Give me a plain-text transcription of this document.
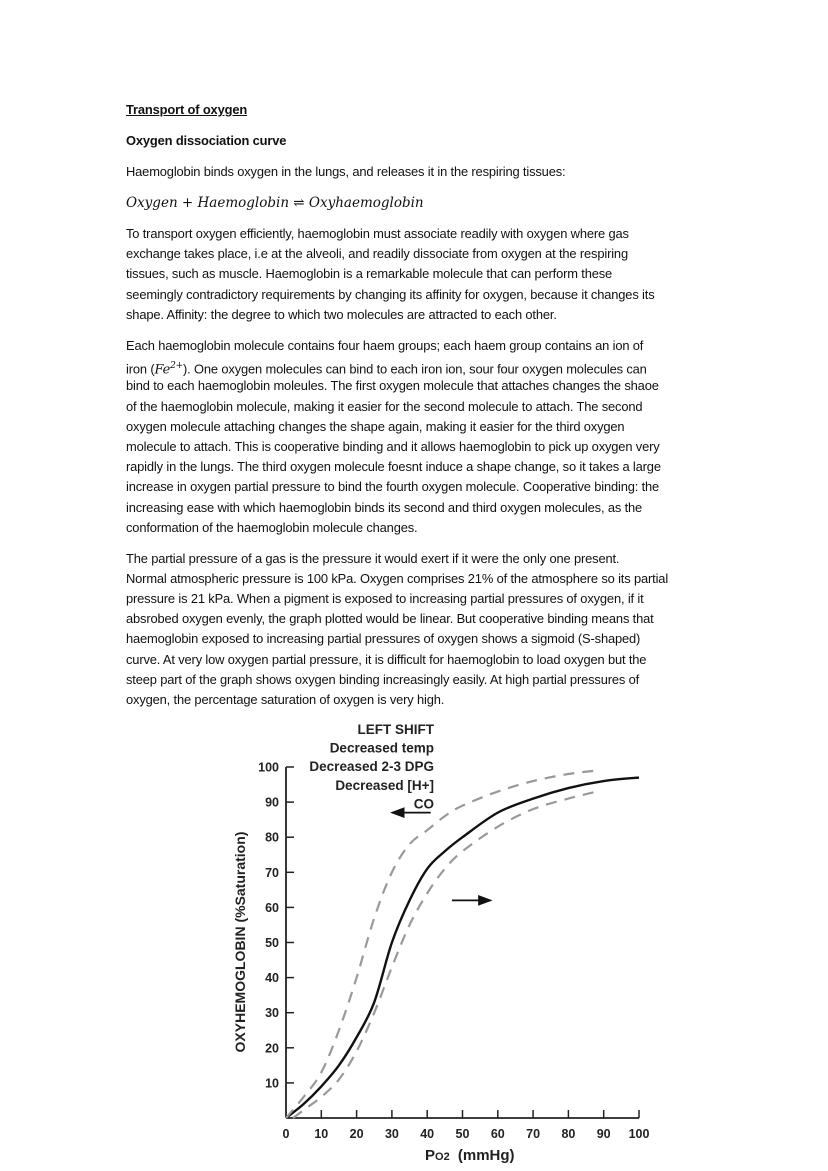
Transport of oxygen
Oxygen dissociation curve
Haemoglobin binds oxygen in the lungs, and releases it in the respiring tissues:
Oxygen + Haemoglobin ⇌ Oxyhaemoglobin
To transport oxygen efficiently, haemoglobin must associate readily with oxygen where gas
exchange takes place, i.e at the alveoli, and readily dissociate from oxygen at the respiring
tissues, such as muscle. Haemoglobin is a remarkable molecule that can perform these
seemingly contradictory requirements by changing its affinity for oxygen, because it changes its
shape. Affinity: the degree to which two molecules are attracted to each other.
Each haemoglobin molecule contains four haem groups; each haem group contains an ion of
iron $(Fe^{2+})$. One oxygen molecules can bind to each iron ion, sour four oxygen molecules can
bind to each haemoglobin moleules. The first oxygen molecule that attaches changes the shaoe
of the haemoglobin molecule, making it easier for the second molecule to attach. The second
oxygen molecule attaching changes the shape again, making it easier for the third oxygen
molecule to attach. This is cooperative binding and it allows haemoglobin to pick up oxygen very
rapidly in the lungs. The third oxygen molecule foesnt induce a shape change, so it takes a large
increase in oxygen partial pressure to bind the fourth oxygen molecule. Cooperative binding: the
increasing ease with which haemoglobin binds its second and third oxygen molecules, as the
conformation of the haemoglobin molecule changes.
The partial pressure of a gas is the pressure it would exert if it were the only one present.
Normal atmospheric pressure is 100 kPa. Oxygen comprises 21% of the atmosphere so its partial
pressure is 21 kPa. When a pigment is exposed to increasing partial pressures of oxygen, if it
absrobed oxygen evenly, the graph plotted would be linear. But cooperative binding means that
haemoglobin exposed to increasing partial pressures of oxygen shows a sigmoid (S-shaped)
curve. At very low oxygen partial pressure, it is difficult for haemoglobin to load oxygen but the
steep part of the graph shows oxygen binding increasingly easily. At high partial pressures of
oxygen, the percentage saturation of oxygen is very high.
10
20
30
40
50
60
70
80
90
100
0 10 20 30 40 50 60 70 80 90 100
OXYHEMOGLOBIN (%Saturation)
PO2 (mmHg)
LEFT SHIFT
Decreased temp
Decreased 2-3 DPG
Decreased [H+]
CO
